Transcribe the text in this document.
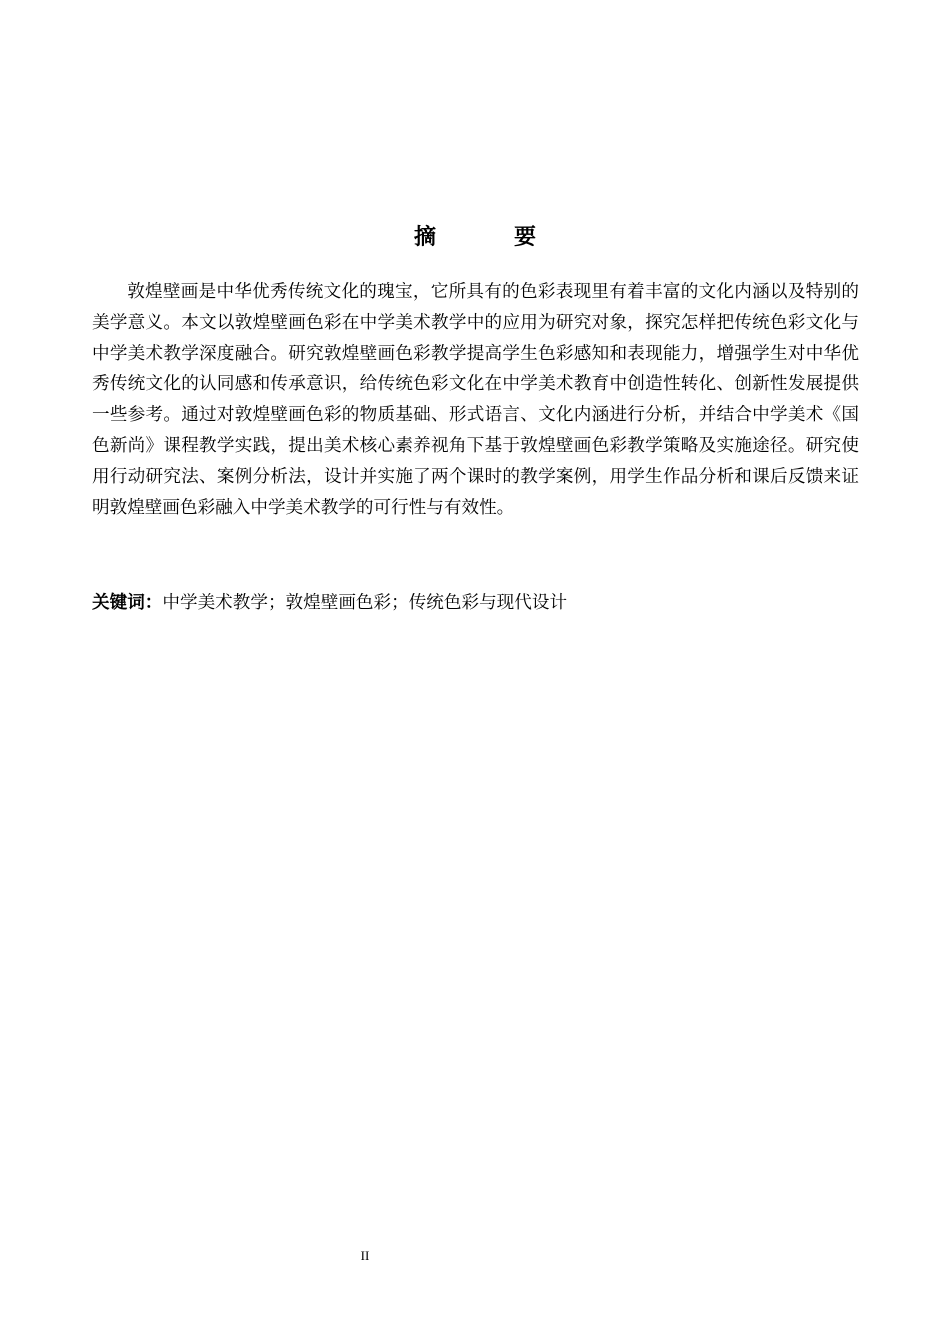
摘 要

敦煌壁画是中华优秀传统文化的瑰宝，它所具有的色彩表现里有着丰富的文化内涵以及特别的美学意义。本文以敦煌壁画色彩在中学美术教学中的应用为研究对象，探究怎样把传统色彩文化与中学美术教学深度融合。研究敦煌壁画色彩教学提高学生色彩感知和表现能力，增强学生对中华优秀传统文化的认同感和传承意识，给传统色彩文化在中学美术教育中创造性转化、创新性发展提供一些参考。通过对敦煌壁画色彩的物质基础、形式语言、文化内涵进行分析，并结合中学美术《国色新尚》课程教学实践，提出美术核心素养视角下基于敦煌壁画色彩教学策略及实施途径。研究使用行动研究法、案例分析法，设计并实施了两个课时的教学案例，用学生作品分析和课后反馈来证明敦煌壁画色彩融入中学美术教学的可行性与有效性。

关键词：中学美术教学；敦煌壁画色彩；传统色彩与现代设计

II
